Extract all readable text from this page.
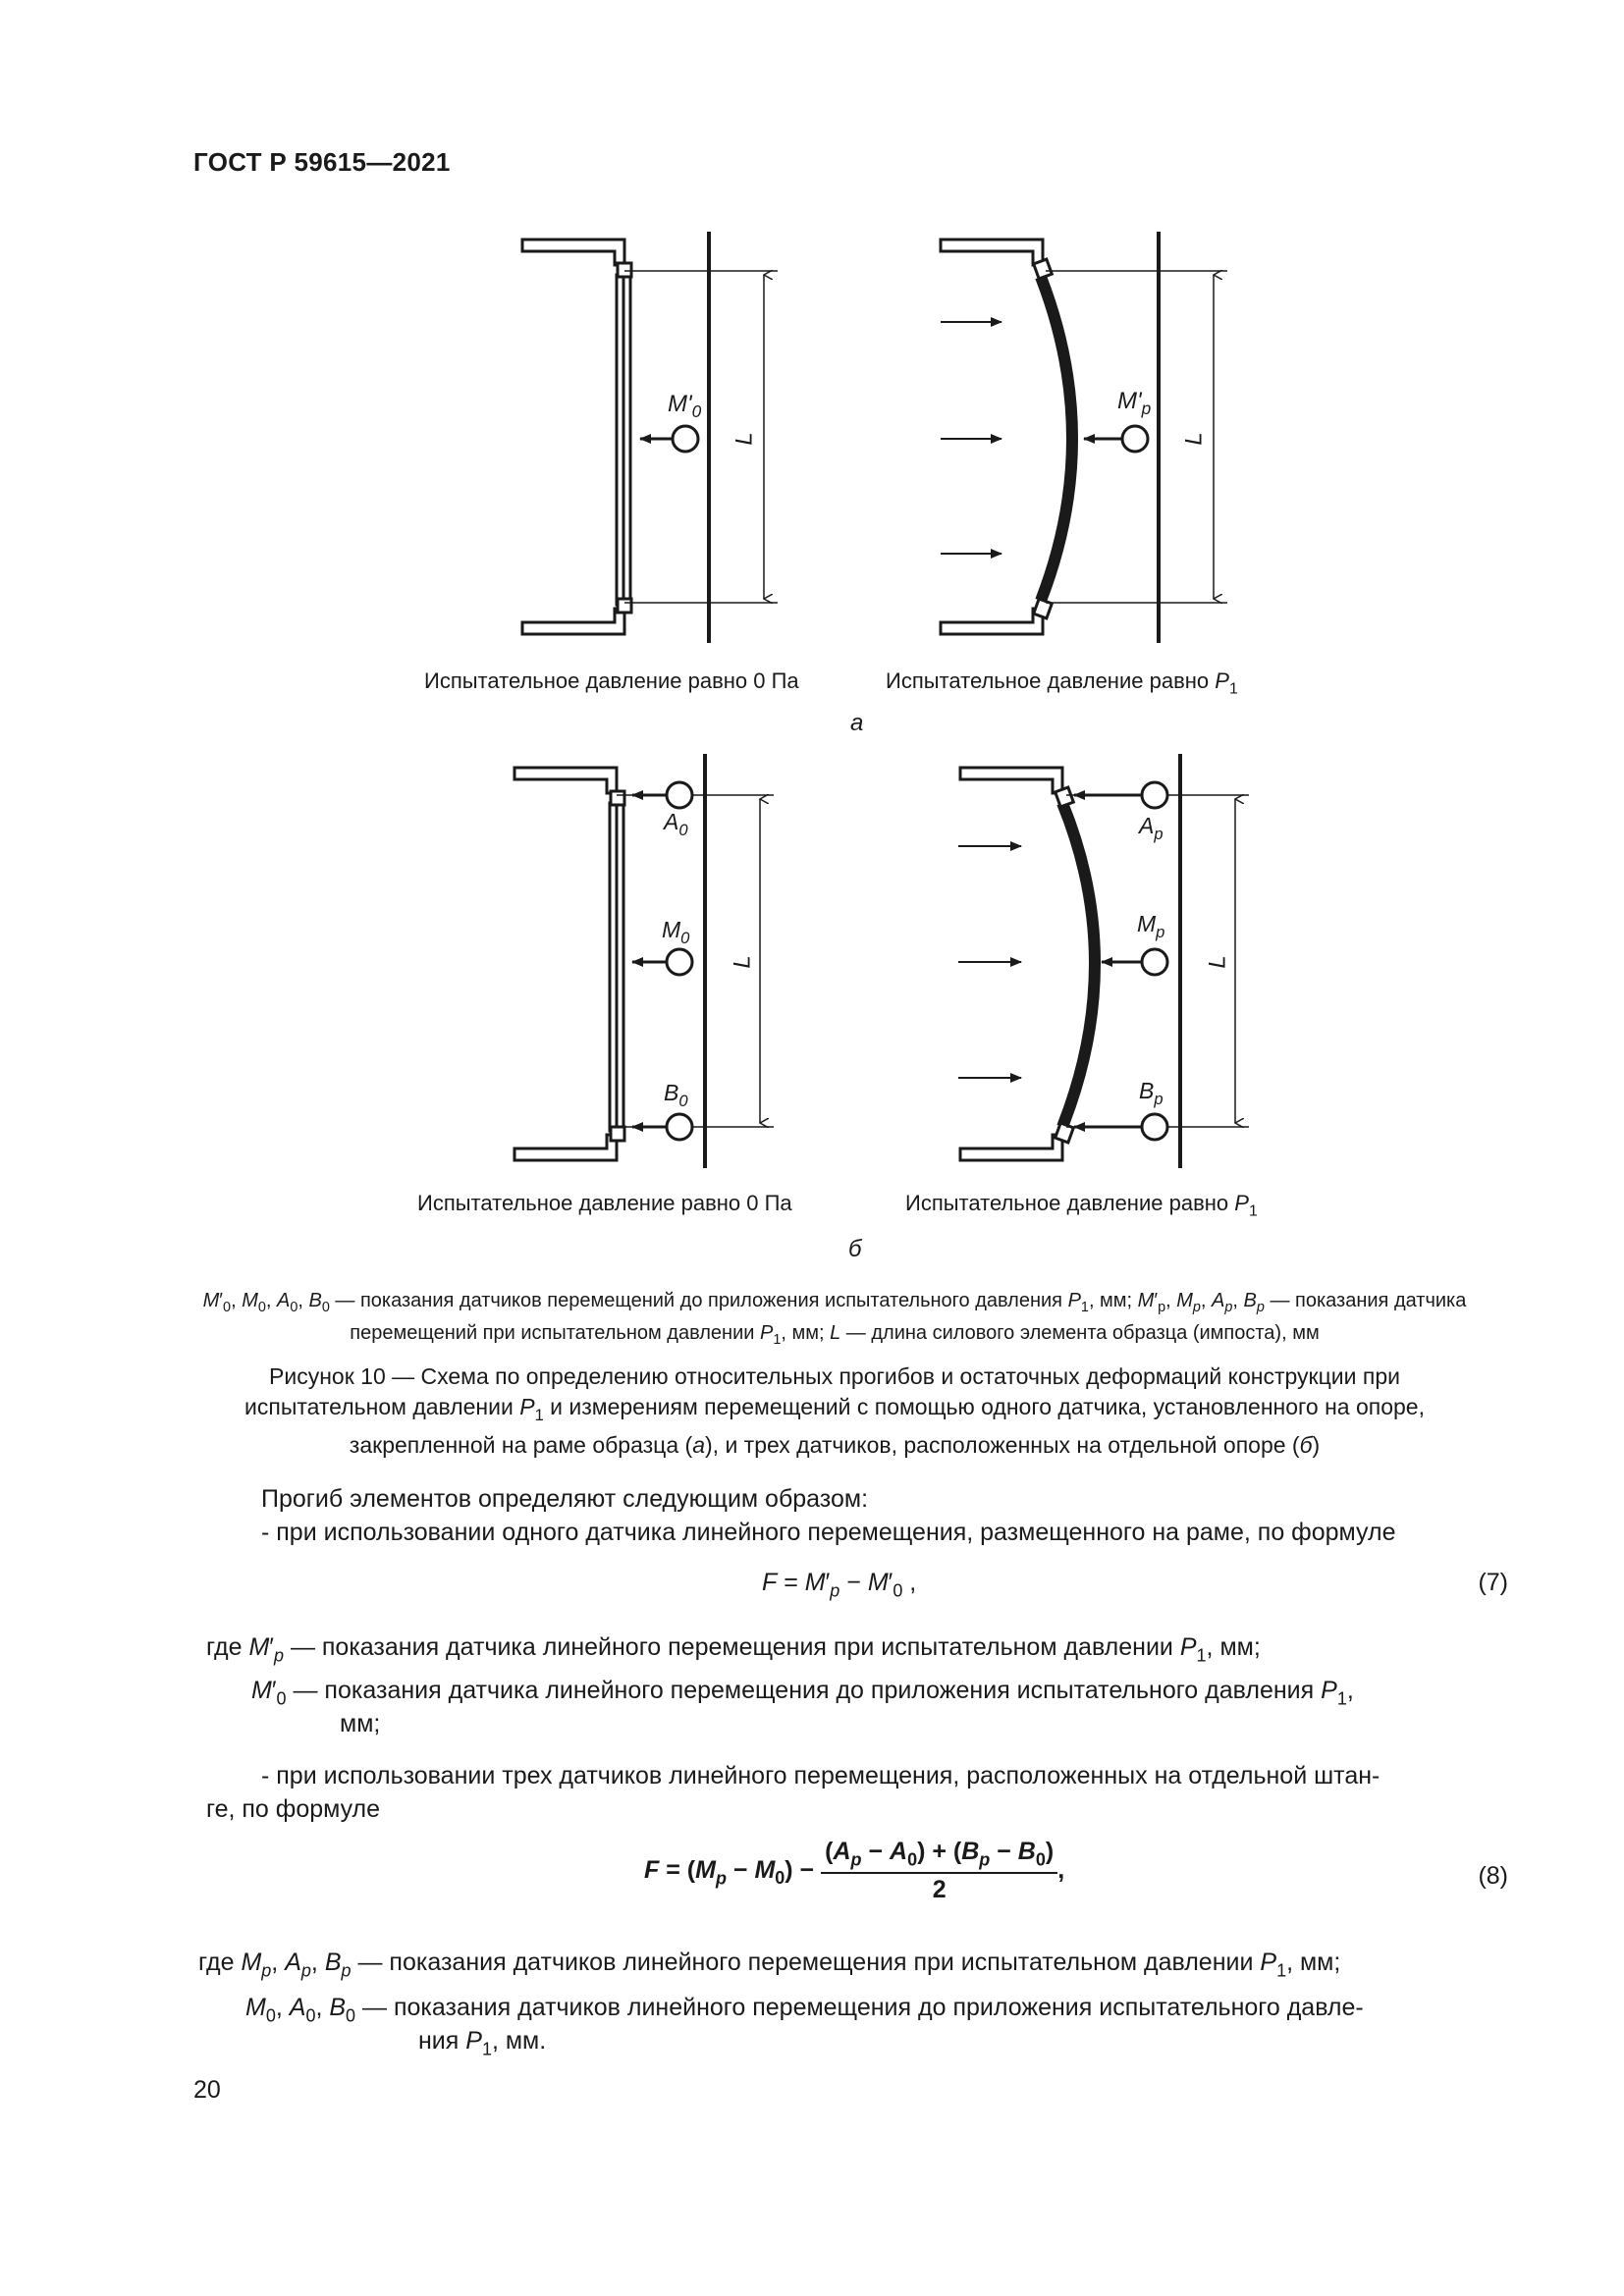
ГОСТ Р 59615—2021
$M'_0$
L
$M'_p$
L
Испытательное давление равно 0 Па	Испытательное давление равно $P_1$
а
$A_0$
$M_0$
$B_0$
L
$A_p$
$M_p$
$B_p$
L
Испытательное давление равно 0 Па	Испытательное давление равно $P_1$
б
$M'_0$, $M_0$, $A_0$, $B_0$ — показания датчиков перемещений до приложения испытательного давления $P_1$, мм; $M'_p$, $M_p$, $A_p$, $B_p$ — показания датчика перемещений при испытательном давлении $P_1$, мм; L — длина силового элемента образца (импоста), мм
Рисунок 10 — Схема по определению относительных прогибов и остаточных деформаций конструкции при
испытательном давлении $P_1$ и измерениям перемещений с помощью одного датчика, установленного на опоре,
закрепленной на раме образца (а), и трех датчиков, расположенных на отдельной опоре (б)
Прогиб элементов определяют следующим образом:
- при использовании одного датчика линейного перемещения, размещенного на раме, по формуле
$F = M'_p - M'_0$ ,	(7)
где $M'_p$ — показания датчика линейного перемещения при испытательном давлении $P_1$, мм;
$M'_0$ — показания датчика линейного перемещения до приложения испытательного давления $P_1$,
мм;
- при использовании трех датчиков линейного перемещения, расположенных на отдельной штан-
ге, по формуле
$F = (M_p - M_0) - \frac{(A_p - A_0) + (B_p - B_0)}{2}$ ,	(8)
где $M_p$, $A_p$, $B_p$ — показания датчиков линейного перемещения при испытательном давлении $P_1$, мм;
$M_0$, $A_0$, $B_0$ — показания датчиков линейного перемещения до приложения испытательного давле-
ния $P_1$, мм.
20
